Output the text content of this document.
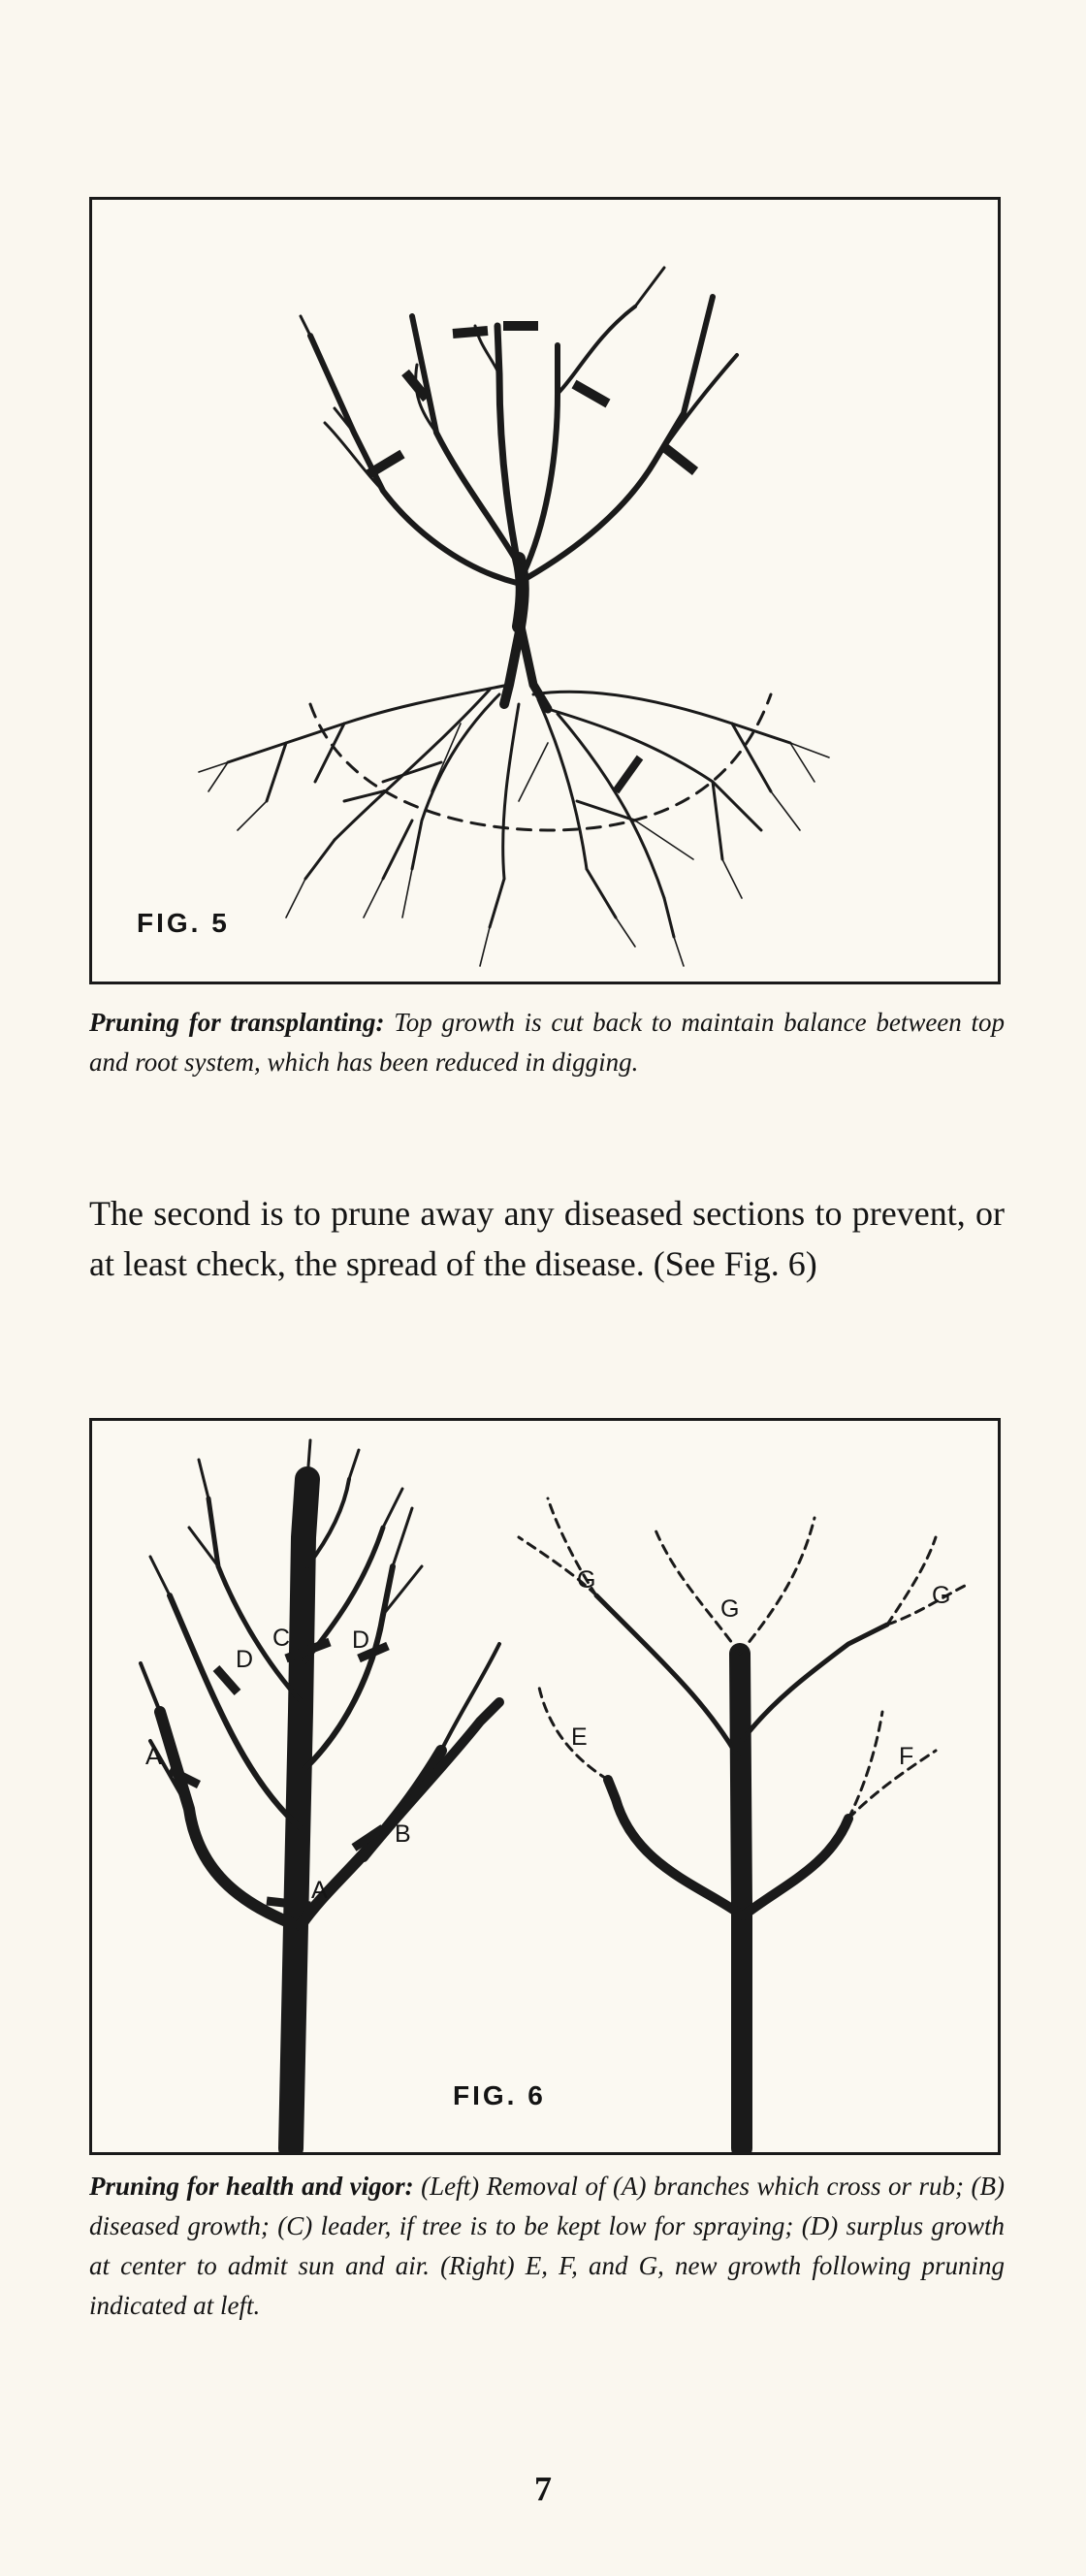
FIG. 5
Pruning for transplanting: Top growth is cut back to maintain balance between top and root system, which has been reduced in digging.
The second is to prune away any diseased sections to prevent, or at least check, the spread of the disease. (See Fig. 6)
A
A
B
C
D
D
E
F
G
G	G
FIG. 6
Pruning for health and vigor: (Left) Removal of (A) branches which cross or rub; (B) diseased growth; (C) leader, if tree is to be kept low for spraying; (D) surplus growth at center to admit sun and air. (Right) E, F, and G, new growth following pruning indicated at left.
7
